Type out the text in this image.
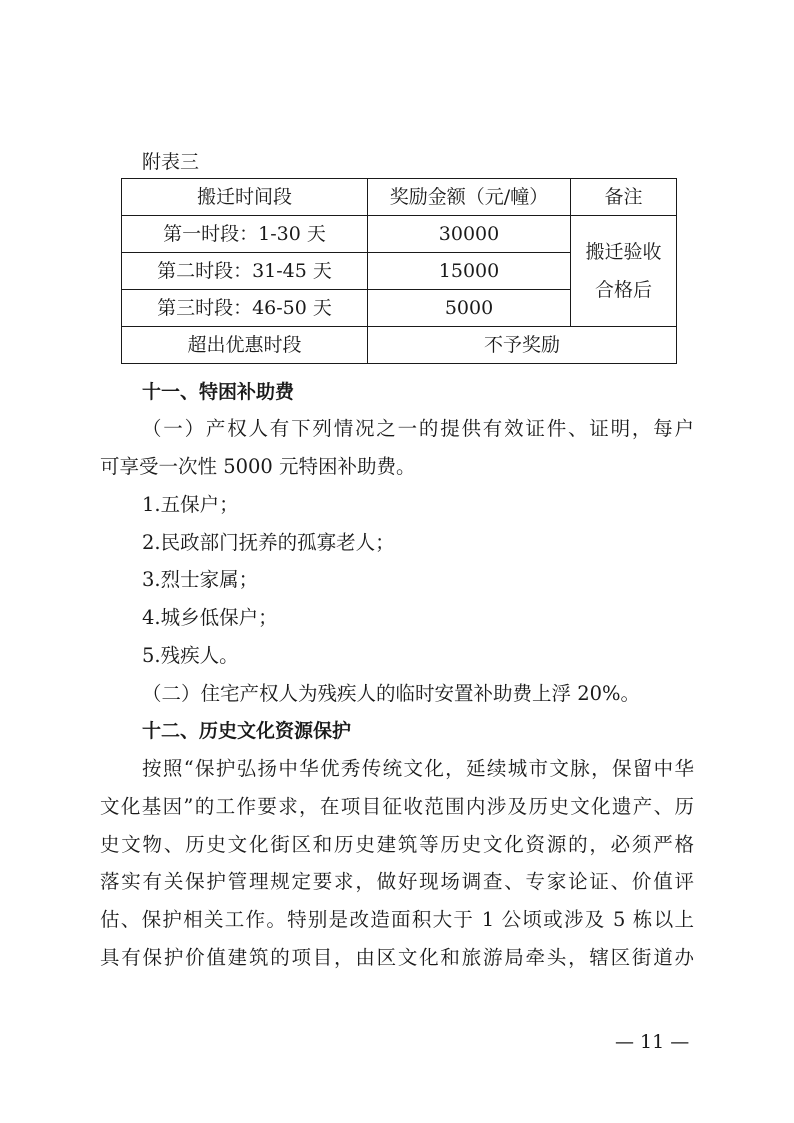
附表三
搬迁时间段	奖励金额（元/幢）	备注
第一时段：1-30 天	30000	搬迁验收
合格后

第二时段：31-45 天	15000	
第三时段：46-50 天	5000	
超出优惠时段	不予奖励	
十一、特困补助费
（一）产权人有下列情况之一的提供有效证件、证明，每户
可享受一次性 5000 元特困补助费。
1.五保户；
2.民政部门抚养的孤寡老人；
3.烈士家属；
4.城乡低保户；
5.残疾人。
（二）住宅产权人为残疾人的临时安置补助费上浮 20%。
十二、历史文化资源保护
按照“保护弘扬中华优秀传统文化，延续城市文脉，保留中华
文化基因”的工作要求，在项目征收范围内涉及历史文化遗产、历
史文物、历史文化街区和历史建筑等历史文化资源的，必须严格
落实有关保护管理规定要求，做好现场调查、专家论证、价值评
估、保护相关工作。特别是改造面积大于 1 公顷或涉及 5 栋以上
具有保护价值建筑的项目，由区文化和旅游局牵头，辖区街道办
— 11 —
